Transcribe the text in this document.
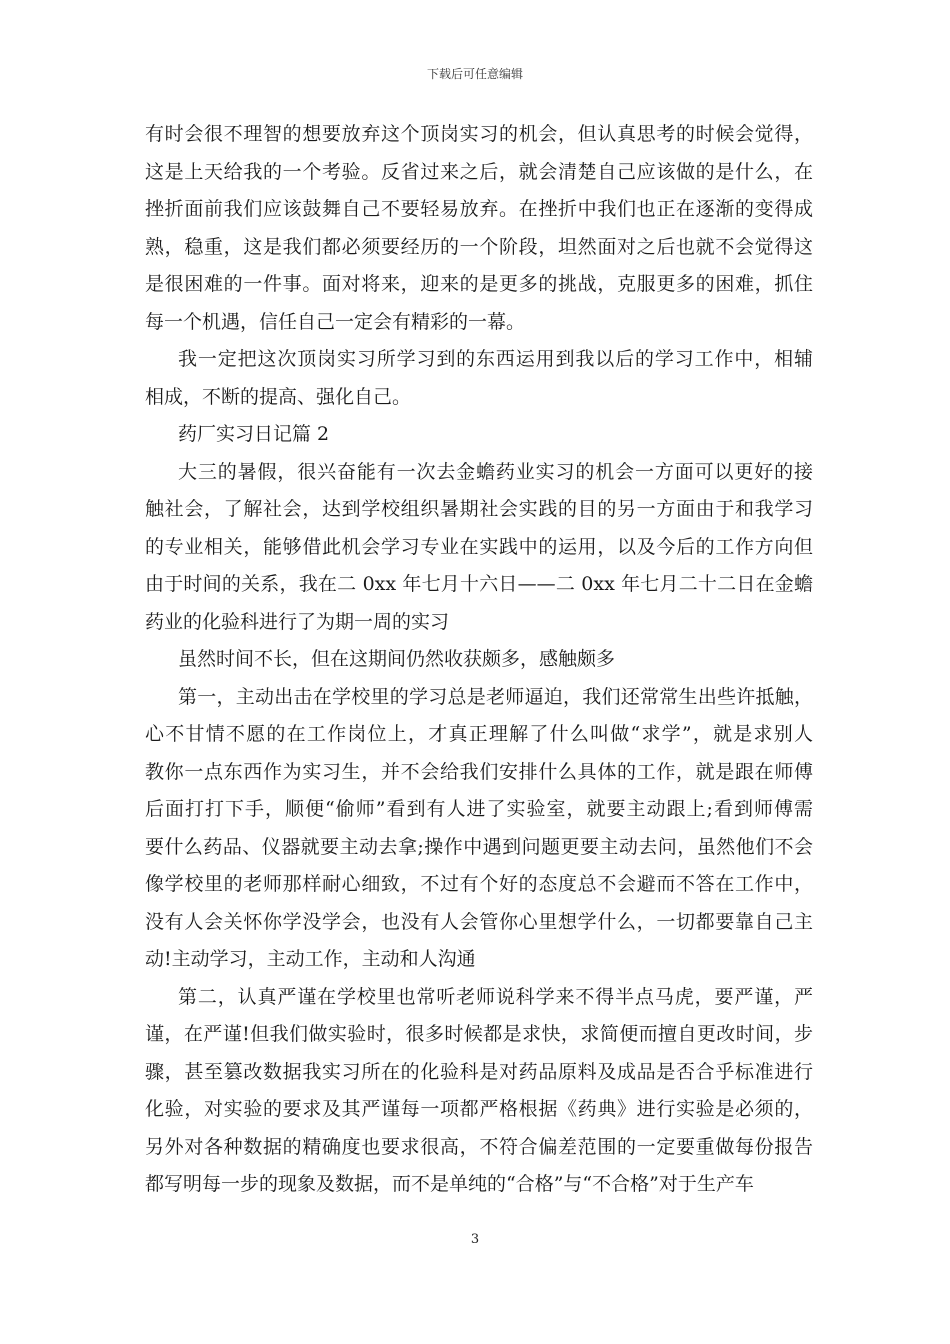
下载后可任意编辑
有时会很不理智的想要放弃这个顶岗实习的机会，但认真思考的时候会觉得，
这是上天给我的一个考验。反省过来之后，就会清楚自己应该做的是什么，在
挫折面前我们应该鼓舞自己不要轻易放弃。在挫折中我们也正在逐渐的变得成
熟，稳重，这是我们都必须要经历的一个阶段，坦然面对之后也就不会觉得这
是很困难的一件事。面对将来，迎来的是更多的挑战，克服更多的困难，抓住
每一个机遇，信任自己一定会有精彩的一幕。
我一定把这次顶岗实习所学习到的东西运用到我以后的学习工作中，相辅
相成，不断的提高、强化自己。
药厂实习日记篇 2
大三的暑假，很兴奋能有一次去金蟾药业实习的机会一方面可以更好的接
触社会，了解社会，达到学校组织暑期社会实践的目的另一方面由于和我学习
的专业相关，能够借此机会学习专业在实践中的运用，以及今后的工作方向但
由于时间的关系，我在二 0xx 年七月十六日——二 0xx 年七月二十二日在金蟾
药业的化验科进行了为期一周的实习
虽然时间不长，但在这期间仍然收获颇多，感触颇多
第一，主动出击在学校里的学习总是老师逼迫，我们还常常生出些许抵触，
心不甘情不愿的在工作岗位上，才真正理解了什么叫做“求学”，就是求别人
教你一点东西作为实习生，并不会给我们安排什么具体的工作，就是跟在师傅
后面打打下手，顺便“偷师”看到有人进了实验室，就要主动跟上;看到师傅需
要什么药品、仪器就要主动去拿;操作中遇到问题更要主动去问，虽然他们不会
像学校里的老师那样耐心细致，不过有个好的态度总不会避而不答在工作中，
没有人会关怀你学没学会，也没有人会管你心里想学什么，一切都要靠自己主
动!主动学习，主动工作，主动和人沟通
第二，认真严谨在学校里也常听老师说科学来不得半点马虎，要严谨，严
谨，在严谨!但我们做实验时，很多时候都是求快，求简便而擅自更改时间，步
骤，甚至篡改数据我实习所在的化验科是对药品原料及成品是否合乎标准进行
化验，对实验的要求及其严谨每一项都严格根据《药典》进行实验是必须的，
另外对各种数据的精确度也要求很高，不符合偏差范围的一定要重做每份报告
都写明每一步的现象及数据，而不是单纯的“合格”与“不合格”对于生产车
3
